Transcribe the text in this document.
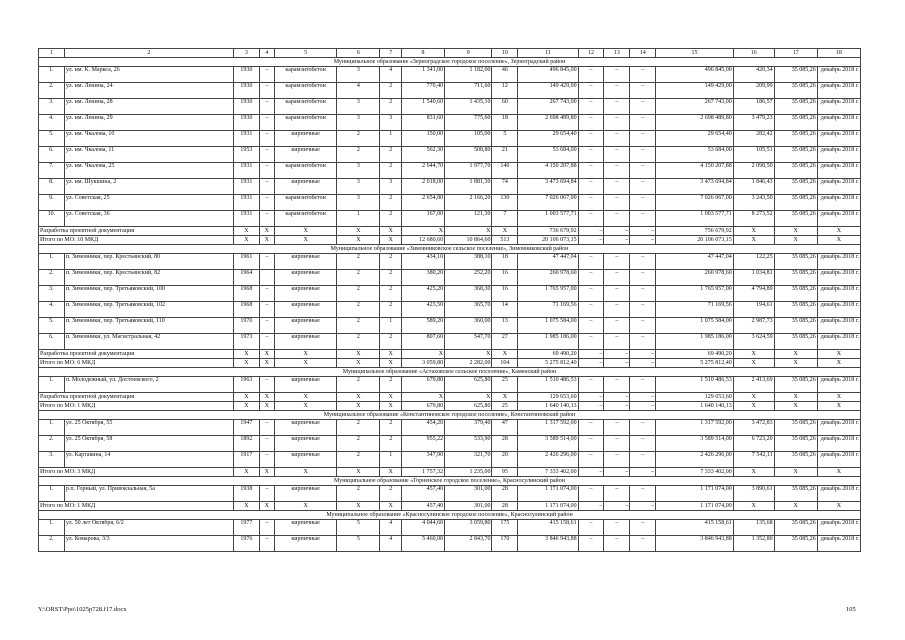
1	2	3	4	5	6	7	8	9	10	11	12	13	14	15	16	17	18
Муниципальное образование «Зерноградское городское поселение», Зерноградский район																	
1.	ул. им. К. Маркса, 26	1930	–	карамзитобетон	3	4	1 341,00	1 182,00	46	496 845,00	–	–	–	496 845,00	420,34	35 085,26	декабрь 2018 г.
2.	ул. им. Ленина, 24	1930	–	карамзитобетон	4	2	770,40	711,60	12	149 429,00	–	–	–	149 429,00	209,99	35 085,26	декабрь 2018 г.
3.	ул. им. Ленина, 28	1930	–	карамзитобетон	3	2	1 540,60	1 435,10	60	267 743,00	–	–	–	267 743,00	186,57	35 085,26	декабрь 2018 г.
4.	ул. им. Ленина, 29	1930	–	карамзитобетон	3	3	831,60	775,60	18	2 698 489,80	–	–	–	2 698 489,80	3 479,23	35 085,26	декабрь 2018 г.
5.	ул. им. Чкалова, 10	1931	–	кирпичные	2	1	150,00	105,00	5	29 654,40	–	–	–	29 654,40	282,42	35 085,26	декабрь 2018 г.
6.	ул. им. Чкалова, 11	1953	–	кирпичные	2	2	562,30	508,80	21	53 684,00	–	–	–	53 684,00	105,51	35 085,26	декабрь 2018 г.
7.	ул. им. Чкалова, 25	1931	–	карамзитобетон	3	2	2 644,70	1 977,70	140	4 150 207,88	–	–	–	4 150 207,88	2 098,50	35 085,26	декабрь 2018 г.
8.	ул. им. Шукшина, 2	1931	–	кирпичные	3	3	2 018,00	1 881,30	74	3 473 694,84	–	–	–	3 473 694,84	1 846,43	35 085,26	декабрь 2018 г.
9.	ул. Советская, 25	1931	–	карамзитобетон	3	2	2 654,80	2 166,20	130	7 026 067,00	–	–	–	7 026 067,00	3 243,50	35 085,26	декабрь 2018 г.
10.	ул. Советская, 36	1931	–	карамзитобетон	1	2	167,00	121,30	7	1 003 577,71	–	–	–	1 003 577,71	8 273,52	35 085,26	декабрь 2018 г.
Разработка проектной документации		X	X	X	X	X	X	X	X	736 679,92	–	–	–	756 679,92	X	X	X
Итого по МО: 10 МКД		X	X	X	X	X	12 680,60	10 864,60	513	20 106 073,15	–	–	–	20 106 073,15	X	X	X
Муниципальное образование «Зимовниковское сельское поселение», Зимовниковский район																	
1.	п. Зимовники, пер. Крестьянский, 80	1961	–	кирпичные	2	2	434,10	388,10	18	47 447,04	–	–	–	47 447,04	122,25	35 085,26	декабрь 2018 г.
2.	п. Зимовники, пер. Крестьянский, 82	1964		кирпичные	2	2	380,20	252,20	16	260 978,60	–	–	–	260 978,60	1 034,81	35 085,26	декабрь 2018 г.
3.	п. Зимовники, пер. Третьяковский, 100	1968	–	кирпичные	2	2	425,20	368,30	16	1 765 957,00	–	–	–	1 765 957,00	4 794,89	35 085,26	декабрь 2018 г.
4.	п. Зимовники, пер. Третьяковский, 102	1968	–	кирпичные	2	2	423,50	365,70	14	71 169,56	–	–	–	71 169,56	194,61	35 085,26	декабрь 2018 г.
5.	п. Зимовники, пер. Третьяковский, 110	1970	–	кирпичные	2	1	589,20	360,00	13	1 075 584,00	–	–	–	1 075 584,00	2 987,73	35 085,26	декабрь 2018 г.
6.	п. Зимовники, ул. Магистральная, 42	1973	–	кирпичные	2	2	807,60	547,70	27	1 985 186,00	–	–	–	1 985 186,00	3 624,59	35 085,26	декабрь 2018 г.
Разработка проектной документации		X	X	X	X	X	X	X	X	69 490,20	–	–	–	69 490,20	X	X	X
Итого по МО: 6 МКД		X	X	X	X	X	3 059,80	2 282,00	104	5 275 812,40	–	–	–	5 275 812,40	X	X	X
Муниципальное образование «Астаховское сельское поселение», Каменский район																	
1.	п. Молодежный, ул. Достоевского, 2	1963	–	кирпичные	2	2	679,80	625,80	25	1 510 486,53	–	–	–	1 510 486,53	2 413,69	35 085,26	декабрь 2018 г.
Разработка проектной документации		X	X	X	X	X	X	X	X	129 653,60	–	–	–	129 653,60	X	X	X
Итого по МО: 1 МКД		X	X	X	X	X	679,80	625,80	25	1 640 140,13	–	–	–	1 640 140,13	X	X	X
Муниципальное образование «Константиновское городское поселение», Константиновский район																	
1.	ул. 25 Октября, 55	1947	–	кирпичные	2	2	454,20	379,40	47	1 317 592,00	–	–	–	1 317 592,00	3 472,83	35 085,26	декабрь 2018 г.
2.	ул. 25 Октября, 58	1892	–	кирпичные	2	2	955,22	533,90	28	3 589 514,00	–	–	–	3 589 514,00	6 723,20	35 085,26	декабрь 2018 г.
3.	ул. Картавина, 14	1917	–	кирпичные	2	1	347,90	321,70	20	2 426 296,00	–	–	–	2 426 296,00	7 542,11	35 085,26	декабрь 2018 г.
Итого по МО: 3 МКД		X	X	X	X	X	1 757,32	1 235,00	95	7 333 402,00	–	–	–	7 333 402,00	X	X	X
Муниципальное образование «Горненское городское поселение», Красносулинский район																	
1.	р.п. Горный, ул. Привокзальная, 5а	1938	–	кирпичные	2	2	457,40	301,00	28	1 171 074,00	–	–	–	1 171 074,00	3 890,61	35 085,26	декабрь 2018 г.
Итого по МО: 1 МКД		X	X	X	X	X	457,40	301,00	28	1 171 074,00	–	–	–	1 171 074,00	X	X	X
Муниципальное образование «Красносулинское городское поселение», Красносулинский район																	
1.	ул. 50 лет Октября, 6/2	1977	–	кирпичные	5	4	4 044,60	3 059,80	175	415 158,61	–	–	–	415 158,61	135,68	35 085,26	декабрь 2018 г.
2.	ул. Комарова, 3/3	1976	–	кирпичные	5	4	5 460,00	2 843,70	170	3 846 943,88	–	–	–	3 846 943,88	1 352,80	35 085,26	декабрь 2018 г.
Y:\ORST\Ppo\1025p728.f17.docx	105
